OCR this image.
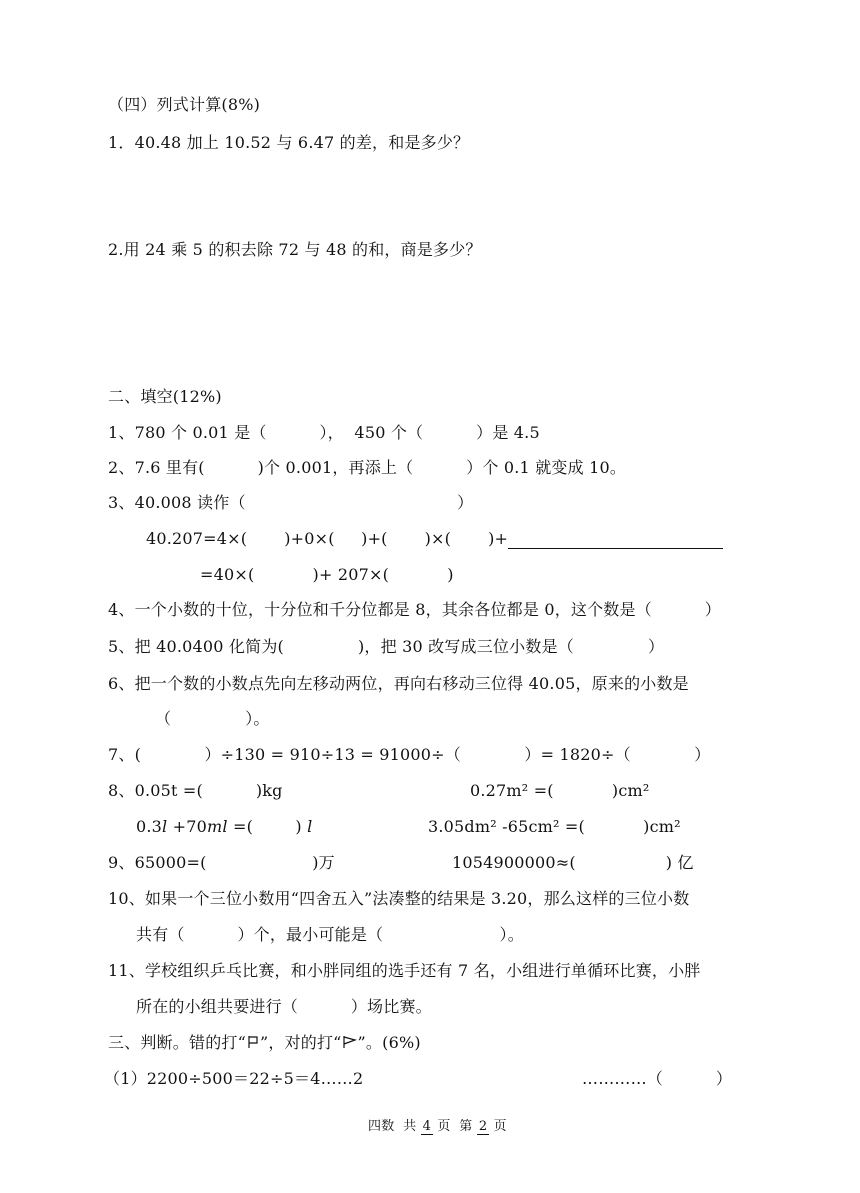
（四）列式计算(8%)
1．40.48 加上 10.52 与 6.47 的差，和是多少？
2.用 24 乘 5 的积去除 72 与 48 的和，商是多少？
二、填空(12%)
1、780 个 0.01 是（          ），  450 个（          ）是 4.5
2、7.6 里有(          )个 0.001，再添上（          ）个 0.1 就变成 10。
3、40.008 读作（                                        ）
40.207=4×(       )+0×(     )+(       )×(       )+
=40×(           )+ 207×(           )
4、一个小数的十位，十分位和千分位都是 8，其余各位都是 0，这个数是（          ）
5、把 40.0400 化简为(              )，把 30 改写成三位小数是（              ）
6、把一个数的小数点先向左移动两位，再向右移动三位得 40.05，原来的小数是
（              ）。
7、(            ）÷130 = 910÷13 = 91000÷（            ）= 1820÷（            ）
8、0.05t =(          )kg	0.27m² =(           )cm²
0.3l +70ml =(        ) l	3.05dm² -65cm² =(           )cm²
9、65000=(                    )万	1054900000≈(                 ) 亿
10、如果一个三位小数用“四舍五入”法凑整的结果是 3.20，那么这样的三位小数
共有（          ）个，最小可能是（                      ）。
11、学校组织乒乓比赛，和小胖同组的选手还有 7 名，小组进行单循环比赛，小胖
所在的小组共要进行（          ）场比赛。
三、判断。错的打“ ”，对的打“ ”。(6%)
（1）2200÷500＝22÷5＝4……2	…………（          ）
四数  共 4 页  第 2 页
